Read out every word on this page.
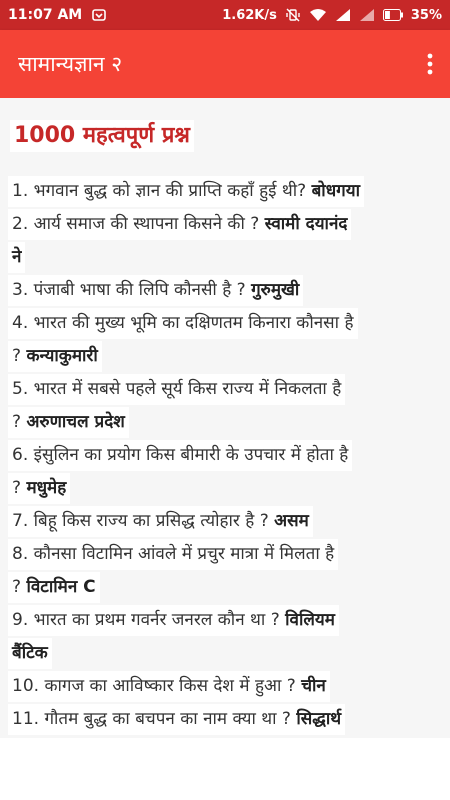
11:07 AM	1.62K/s	35%
सामान्यज्ञान २
1000 महत्वपूर्ण प्रश्न
1. भगवान बुद्ध को ज्ञान की प्राप्ति कहाँ हुई थी? बोधगया
2. आर्य समाज की स्थापना किसने की ? स्वामी दयानंद
ने
3. पंजाबी भाषा की लिपि कौनसी है ? गुरुमुखी
4. भारत की मुख्य भूमि का दक्षिणतम किनारा कौनसा है
? कन्याकुमारी
5. भारत में सबसे पहले सूर्य किस राज्य में निकलता है
? अरुणाचल प्रदेश
6. इंसुलिन का प्रयोग किस बीमारी के उपचार में होता है
? मधुमेह
7. बिहू किस राज्य का प्रसिद्ध त्योहार है ? असम
8. कौनसा विटामिन आंवले में प्रचुर मात्रा में मिलता है
? विटामिन C
9. भारत का प्रथम गवर्नर जनरल कौन था ? विलियम
बैंटिक
10. कागज का आविष्कार किस देश में हुआ ? चीन
11. गौतम बुद्ध का बचपन का नाम क्या था ? सिद्धार्थ
